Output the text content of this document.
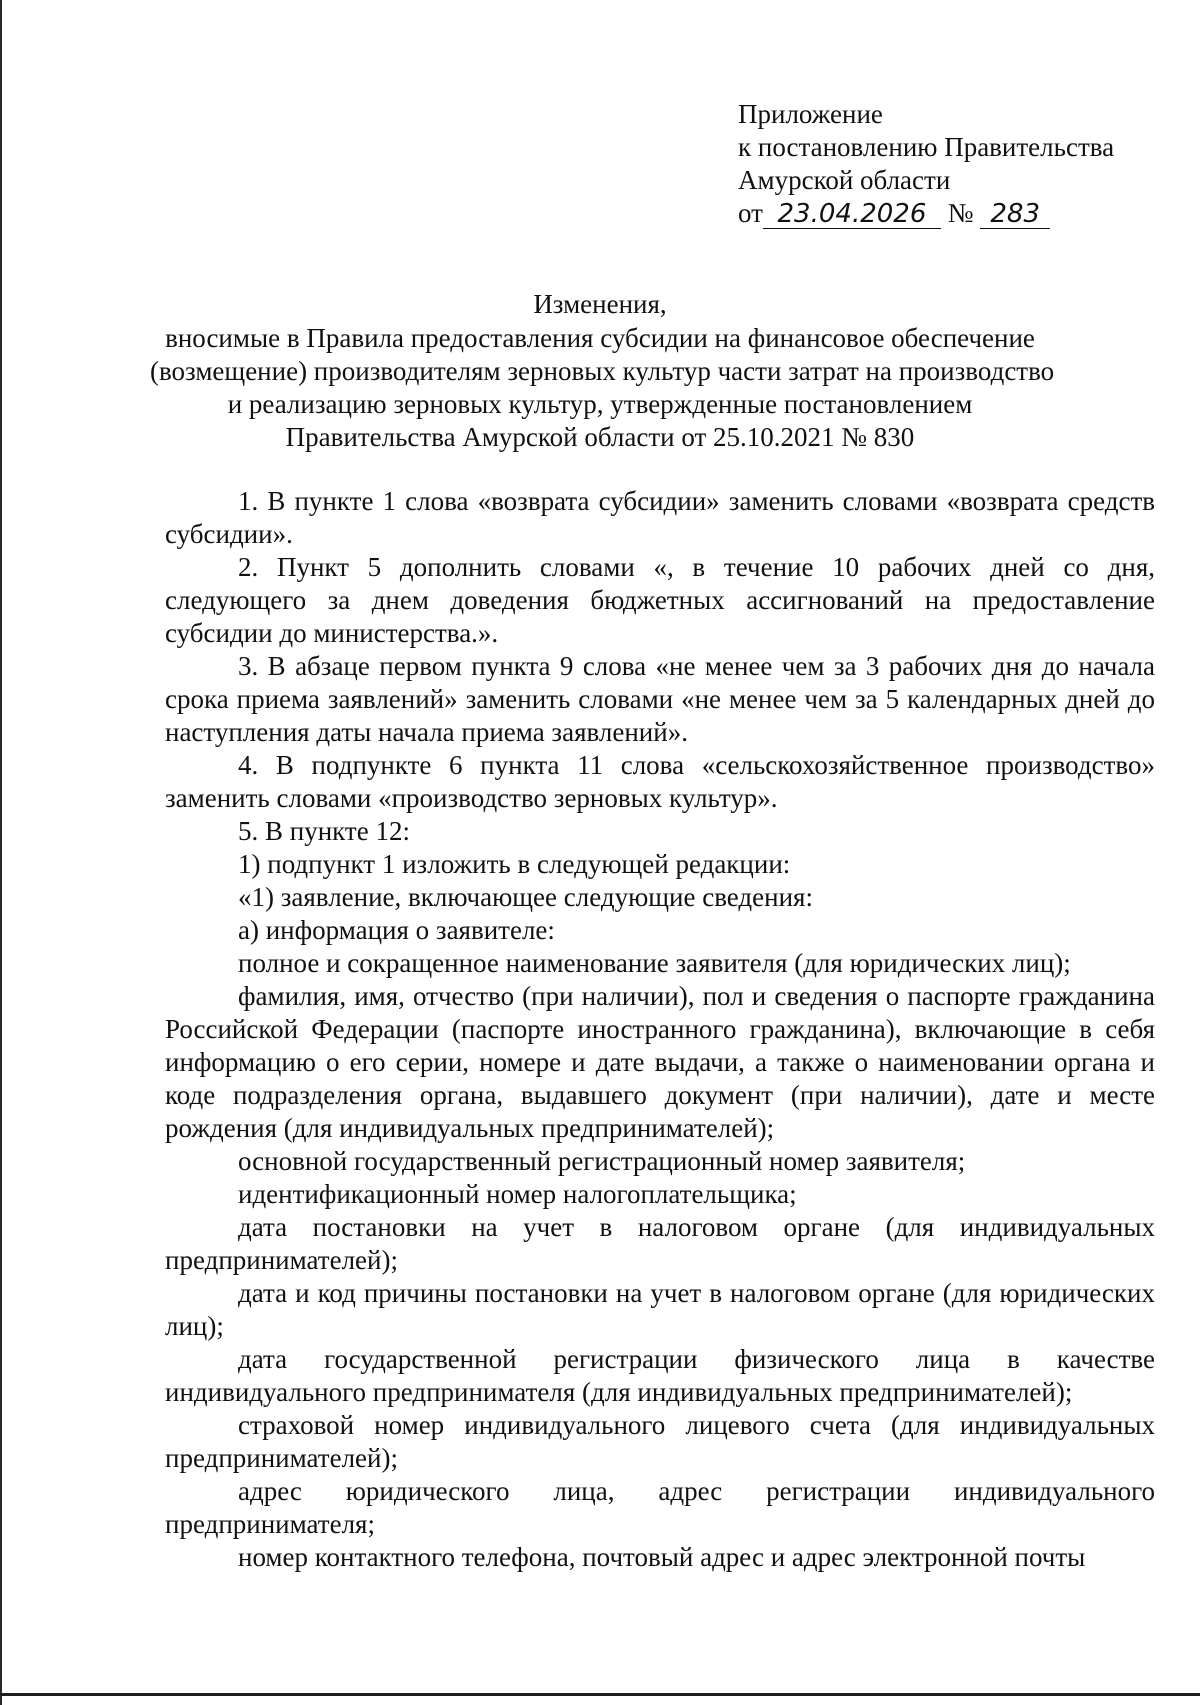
Приложение
к постановлению Правительства
Амурской области
от 23.04.2026 № 283
Изменения,
вносимые в Правила предоставления субсидии на финансовое обеспечение
(возмещение) производителям зерновых культур части затрат на производство
и реализацию зерновых культур, утвержденные постановлением
Правительства Амурской области от 25.10.2021 № 830

1. В пункте 1 слова «возврата субсидии» заменить словами «возврата средств субсидии».

2. Пункт 5 дополнить словами «, в течение 10 рабочих дней со дня, следующего за днем доведения бюджетных ассигнований на предоставление субсидии до министерства.».

3. В абзаце первом пункта 9 слова «не менее чем за 3 рабочих дня до начала срока приема заявлений» заменить словами «не менее чем за 5 календарных дней до наступления даты начала приема заявлений».

4. В подпункте 6 пункта 11 слова «сельскохозяйственное производство» заменить словами «производство зерновых культур».

5. В пункте 12:

1) подпункт 1 изложить в следующей редакции:

«1) заявление, включающее следующие сведения:

а) информация о заявителе:

полное и сокращенное наименование заявителя (для юридических лиц);

фамилия, имя, отчество (при наличии), пол и сведения о паспорте гражданина Российской Федерации (паспорте иностранного гражданина), включающие в себя информацию о его серии, номере и дате выдачи, а также о наименовании органа и коде подразделения органа, выдавшего документ (при наличии), дате и месте рождения (для индивидуальных предпринимателей);

основной государственный регистрационный номер заявителя;

идентификационный номер налогоплательщика;

дата постановки на учет в налоговом органе (для индивидуальных предпринимателей);

дата и код причины постановки на учет в налоговом органе (для юридических лиц);

дата государственной регистрации физического лица в качестве индивидуального предпринимателя (для индивидуальных предпринимателей);

страховой номер индивидуального лицевого счета (для индивидуальных предпринимателей);

адрес юридического лица, адрес регистрации индивидуального предпринимателя;

номер контактного телефона, почтовый адрес и адрес электронной почты
